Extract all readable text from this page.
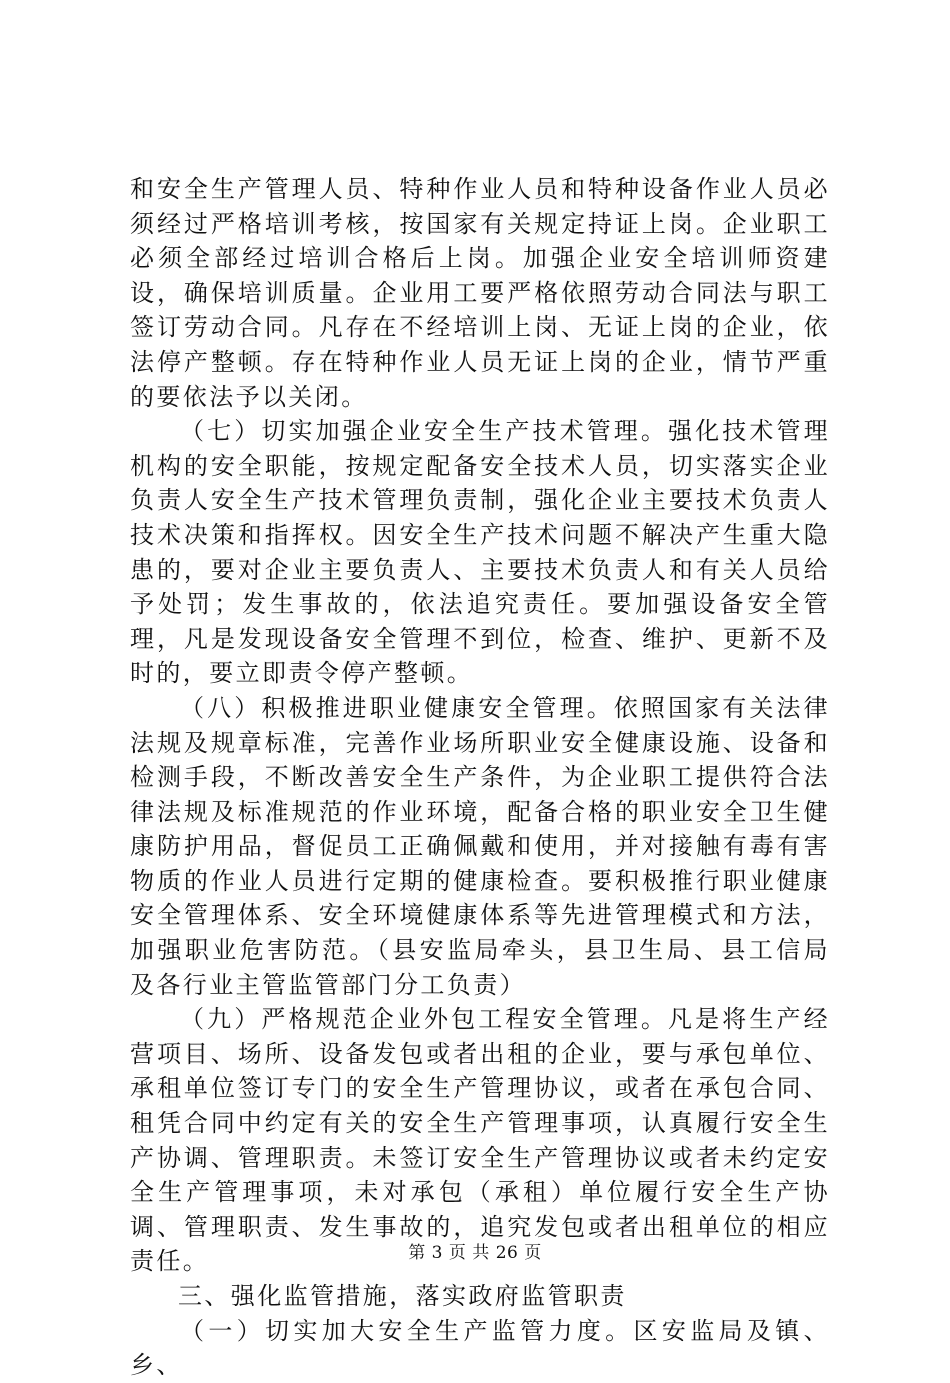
和安全生产管理人员、特种作业人员和特种设备作业人员必须经过严格培训考核，按国家有关规定持证上岗。企业职工必须全部经过培训合格后上岗。加强企业安全培训师资建设，确保培训质量。企业用工要严格依照劳动合同法与职工签订劳动合同。凡存在不经培训上岗、无证上岗的企业，依法停产整顿。存在特种作业人员无证上岗的企业，情节严重的要依法予以关闭。

（七）切实加强企业安全生产技术管理。强化技术管理机构的安全职能，按规定配备安全技术人员，切实落实企业负责人安全生产技术管理负责制，强化企业主要技术负责人技术决策和指挥权。因安全生产技术问题不解决产生重大隐患的，要对企业主要负责人、主要技术负责人和有关人员给予处罚；发生事故的，依法追究责任。要加强设备安全管理，凡是发现设备安全管理不到位，检查、维护、更新不及时的，要立即责令停产整顿。

（八）积极推进职业健康安全管理。依照国家有关法律法规及规章标准，完善作业场所职业安全健康设施、设备和检测手段，不断改善安全生产条件，为企业职工提供符合法律法规及标准规范的作业环境，配备合格的职业安全卫生健康防护用品，督促员工正确佩戴和使用，并对接触有毒有害物质的作业人员进行定期的健康检查。要积极推行职业健康安全管理体系、安全环境健康体系等先进管理模式和方法，加强职业危害防范。（县安监局牵头，县卫生局、县工信局及各行业主管监管部门分工负责）

（九）严格规范企业外包工程安全管理。凡是将生产经营项目、场所、设备发包或者出租的企业，要与承包单位、承租单位签订专门的安全生产管理协议，或者在承包合同、租凭合同中约定有关的安全生产管理事项，认真履行安全生产协调、管理职责。未签订安全生产管理协议或者未约定安全生产管理事项，未对承包（承租）单位履行安全生产协调、管理职责、发生事故的，追究发包或者出租单位的相应责任。

三、强化监管措施，落实政府监管职责

（一）切实加大安全生产监管力度。区安监局及镇、乡、

第 3 页 共 26 页
